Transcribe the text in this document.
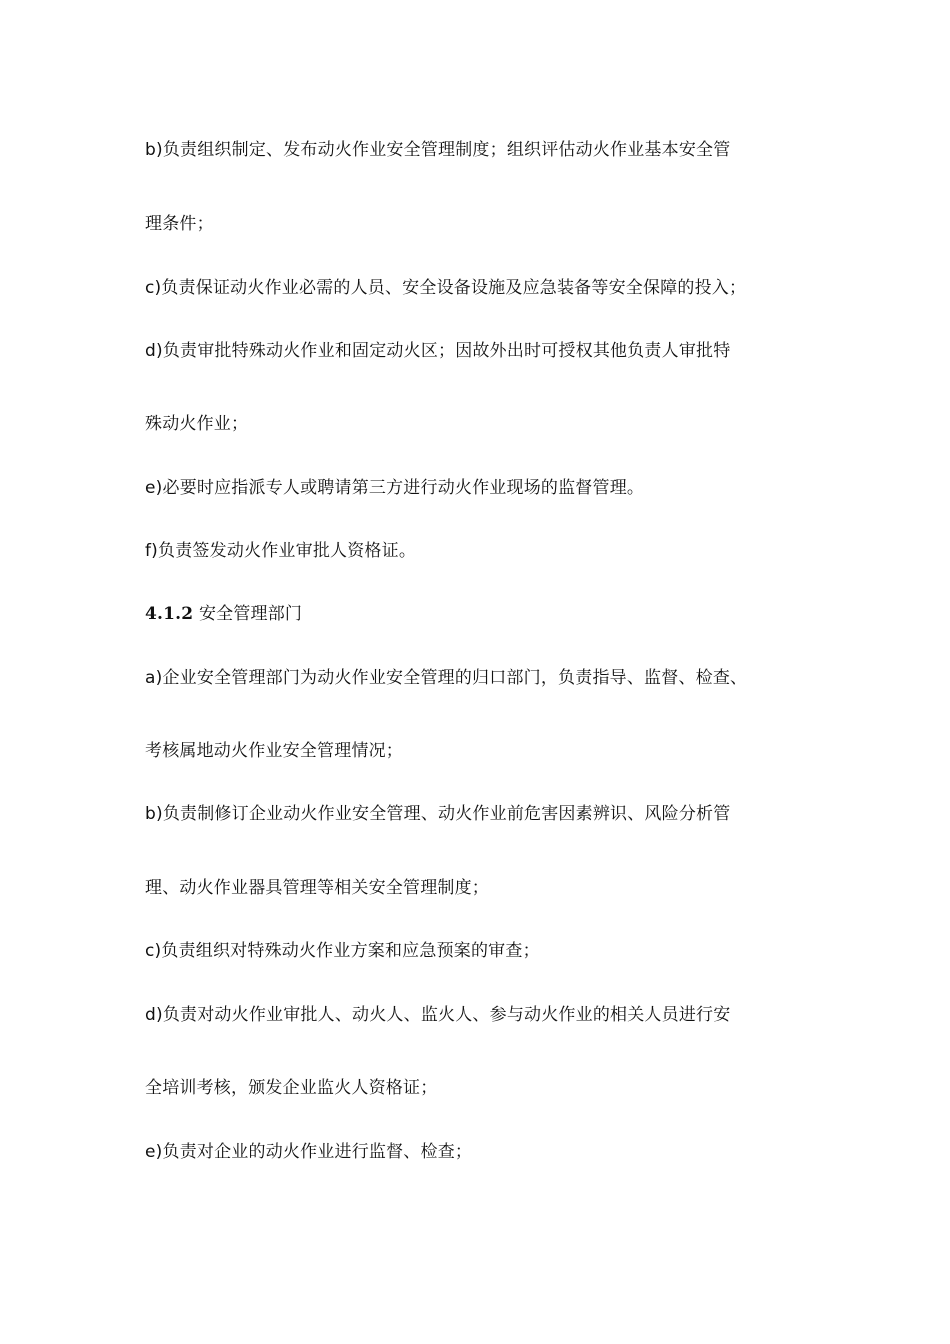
b)负责组织制定、发布动火作业安全管理制度；组织评估动火作业基本安全管
理条件；
c)负责保证动火作业必需的人员、安全设备设施及应急装备等安全保障的投入；
d)负责审批特殊动火作业和固定动火区；因故外出时可授权其他负责人审批特
殊动火作业；
e)必要时应指派专人或聘请第三方进行动火作业现场的监督管理。
f)负责签发动火作业审批人资格证。
4.1.2 安全管理部门
a)企业安全管理部门为动火作业安全管理的归口部门，负责指导、监督、检查、
考核属地动火作业安全管理情况；
b)负责制修订企业动火作业安全管理、动火作业前危害因素辨识、风险分析管
理、动火作业器具管理等相关安全管理制度；
c)负责组织对特殊动火作业方案和应急预案的审查；
d)负责对动火作业审批人、动火人、监火人、参与动火作业的相关人员进行安
全培训考核，颁发企业监火人资格证；
e)负责对企业的动火作业进行监督、检查；
